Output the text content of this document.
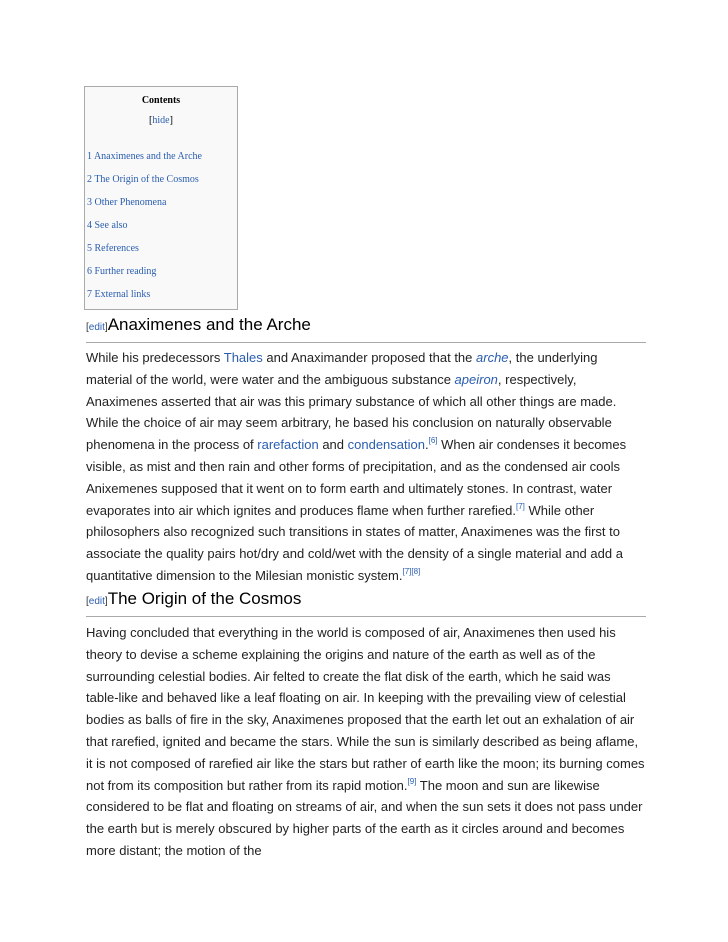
Contents
[hide]
1 Anaximenes and the Arche
2 The Origin of the Cosmos
3 Other Phenomena
4 See also
5 References
6 Further reading
7 External links
[edit]Anaximenes and the Arche

While his predecessors Thales and Anaximander proposed that the arche, the underlying material of the world, were water and the ambiguous substance apeiron, respectively, Anaximenes asserted that air was this primary substance of which all other things are made. While the choice of air may seem arbitrary, he based his conclusion on naturally observable phenomena in the process of rarefaction and condensation.[6] When air condenses it becomes visible, as mist and then rain and other forms of precipitation, and as the condensed air cools Anixemenes supposed that it went on to form earth and ultimately stones. In contrast, water evaporates into air which ignites and produces flame when further rarefied.[7] While other philosophers also recognized such transitions in states of matter, Anaximenes was the first to associate the quality pairs hot/dry and cold/wet with the density of a single material and add a quantitative dimension to the Milesian monistic system.[7][8]

[edit]The Origin of the Cosmos

Having concluded that everything in the world is composed of air, Anaximenes then used his theory to devise a scheme explaining the origins and nature of the earth as well as of the surrounding celestial bodies. Air felted to create the flat disk of the earth, which he said was table-like and behaved like a leaf floating on air. In keeping with the prevailing view of celestial bodies as balls of fire in the sky, Anaximenes proposed that the earth let out an exhalation of air that rarefied, ignited and became the stars. While the sun is similarly described as being aflame, it is not composed of rarefied air like the stars but rather of earth like the moon; its burning comes not from its composition but rather from its rapid motion.[9] The moon and sun are likewise considered to be flat and floating on streams of air, and when the sun sets it does not pass under the earth but is merely obscured by higher parts of the earth as it circles around and becomes more distant; the motion of the
